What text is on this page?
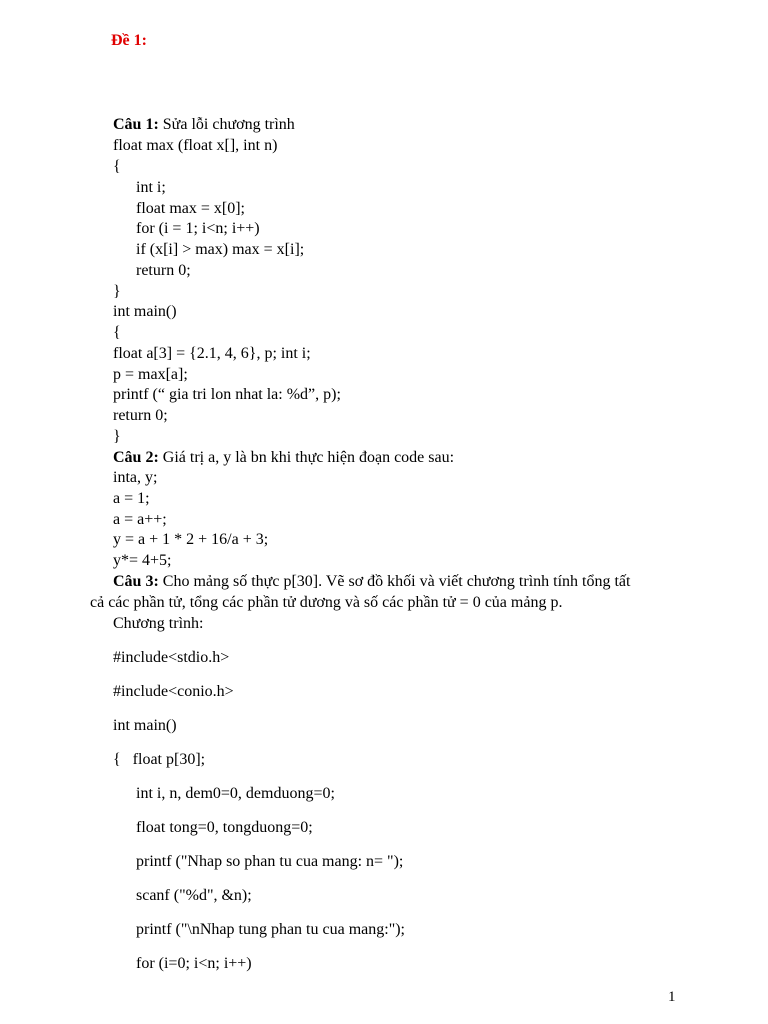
Đề 1:
Câu 1: Sửa lỗi chương trình
float max (float x[], int n)
{
int i;
float max = x[0];
for (i = 1; i<n; i++)
if (x[i] > max) max = x[i];
return 0;
}
int main()
{
float a[3] = {2.1, 4, 6}, p; int i;
p = max[a];
printf (“ gia tri lon nhat la: %d”, p);
return 0;
}
Câu 2: Giá trị a, y là bn khi thực hiện đoạn code sau:
inta, y;
a = 1;
a = a++;
y = a + 1 * 2 + 16/a + 3;
y*= 4+5;
Câu 3: Cho mảng số thực p[30]. Vẽ sơ đồ khối và viết chương trình tính tổng tất
cả các phần tử, tổng các phần tử dương và số các phần tử = 0 của mảng p.
Chương trình:
#include<stdio.h>
#include<conio.h>
int main()
{   float p[30];
int i, n, dem0=0, demduong=0;
float tong=0, tongduong=0;
printf ("Nhap so phan tu cua mang: n= ");
scanf ("%d", &n);
printf ("\nNhap tung phan tu cua mang:");
for (i=0; i<n; i++)
1
